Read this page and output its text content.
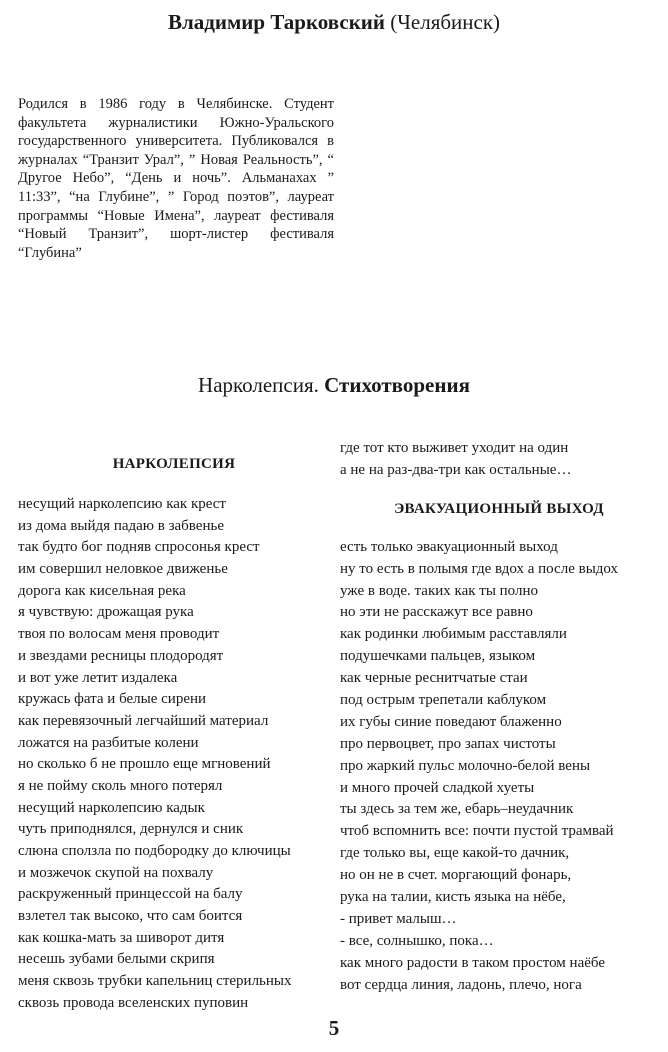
Владимир Тарковский (Челябинск)
Родился в 1986 году в Челябинске. Студент факультета журналистики Южно-Уральского государственного университета. Публиковался в журналах “Транзит Урал”, ” Новая Реальность”, “ Другое Небо”, “День и ночь”. Альманахах ” 11:33”, “на Глубине”, ” Город поэтов”, лауреат программы “Новые Имена”, лауреат фестиваля “Новый Транзит”, шорт-листер фестиваля “Глубина”
Нарколепсия. Стихотворения
НАРКОЛЕПСИЯ
несущий нарколепсию как крест
из дома выйдя падаю в забвенье
так будто бог подняв спросонья крест
им совершил неловкое движенье
дорога как кисельная река
я чувствую: дрожащая рука
твоя по волосам меня проводит
и звездами ресницы плодородят
и вот уже летит издалека
кружась фата и белые сирени
как перевязочный легчайший материал
ложатся на разбитые колени
но сколько б не прошло еще мгновений
я не пойму сколь много потерял
несущий нарколепсию кадык
чуть приподнялся, дернулся и сник
слюна сползла по подбородку до ключицы
и мозжечок скупой на похвалу
раскруженный принцессой на балу
взлетел так высоко, что сам боится
как кошка-мать за шиворот дитя
несешь зубами белыми скрипя
меня сквозь трубки капельниц стерильных
сквозь провода вселенских пуповин
где тот кто выживет уходит на один
а не на раз-два-три как остальные…
ЭВАКУАЦИОННЫЙ ВЫХОД
есть только эвакуационный выход
ну то есть в полымя где вдох а после выдох
уже в воде. таких как ты полно
но эти не расскажут все равно
как родинки любимым расставляли
подушечками пальцев, языком
как черные реснитчатые стаи
под острым трепетали каблуком
их губы синие поведают блаженно
про первоцвет, про запах чистоты
про жаркий пульс молочно-белой вены
и много прочей сладкой хуеты
ты здесь за тем же, ебарь–неудачник
чтоб вспомнить все: почти пустой трамвай
где только вы, еще какой-то дачник,
но он не в счет. моргающий фонарь,
рука на талии, кисть языка на нёбе,
- привет малыш…
- все, солнышко, пока…
как много радости в таком простом наёбе
вот сердца линия, ладонь, плечо, нога
5
